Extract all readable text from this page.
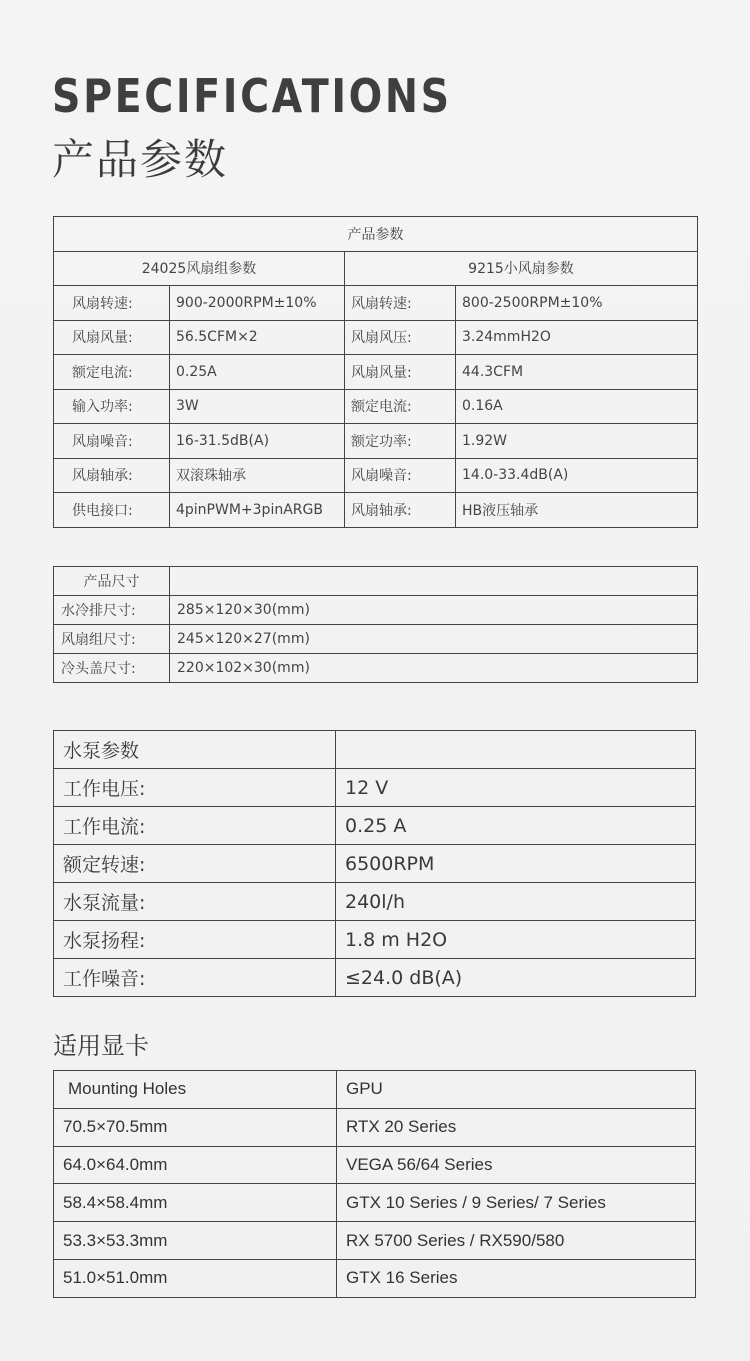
SPECIFICATIONS
产品参数
产品参数			
24025风扇组参数		9215小风扇参数	
风扇转速:	900-2000RPM±10%	风扇转速:	800-2500RPM±10%
风扇风量:	56.5CFM×2	风扇风压:	3.24mmH2O
额定电流:	0.25A	风扇风量:	44.3CFM
输入功率:	3W	额定电流:	0.16A
风扇噪音:	16-31.5dB(A)	额定功率:	1.92W
风扇轴承:	双滚珠轴承	风扇噪音:	14.0-33.4dB(A)
供电接口:	4pinPWM+3pinARGB	风扇轴承:	HB液压轴承
产品尺寸	
水冷排尺寸:	285×120×30(mm)
风扇组尺寸:	245×120×27(mm)
冷头盖尺寸:	220×102×30(mm)
水泵参数	
工作电压:	12 V
工作电流:	0.25 A
额定转速:	6500RPM
水泵流量:	240l/h
水泵扬程:	1.8 m H2O
工作噪音:	≤24.0 dB(A)
适用显卡
Mounting Holes	GPU
70.5×70.5mm	RTX 20 Series
64.0×64.0mm	VEGA 56/64 Series
58.4×58.4mm	GTX 10 Series / 9 Series/ 7 Series
53.3×53.3mm	RX 5700 Series / RX590/580
51.0×51.0mm	GTX 16 Series
